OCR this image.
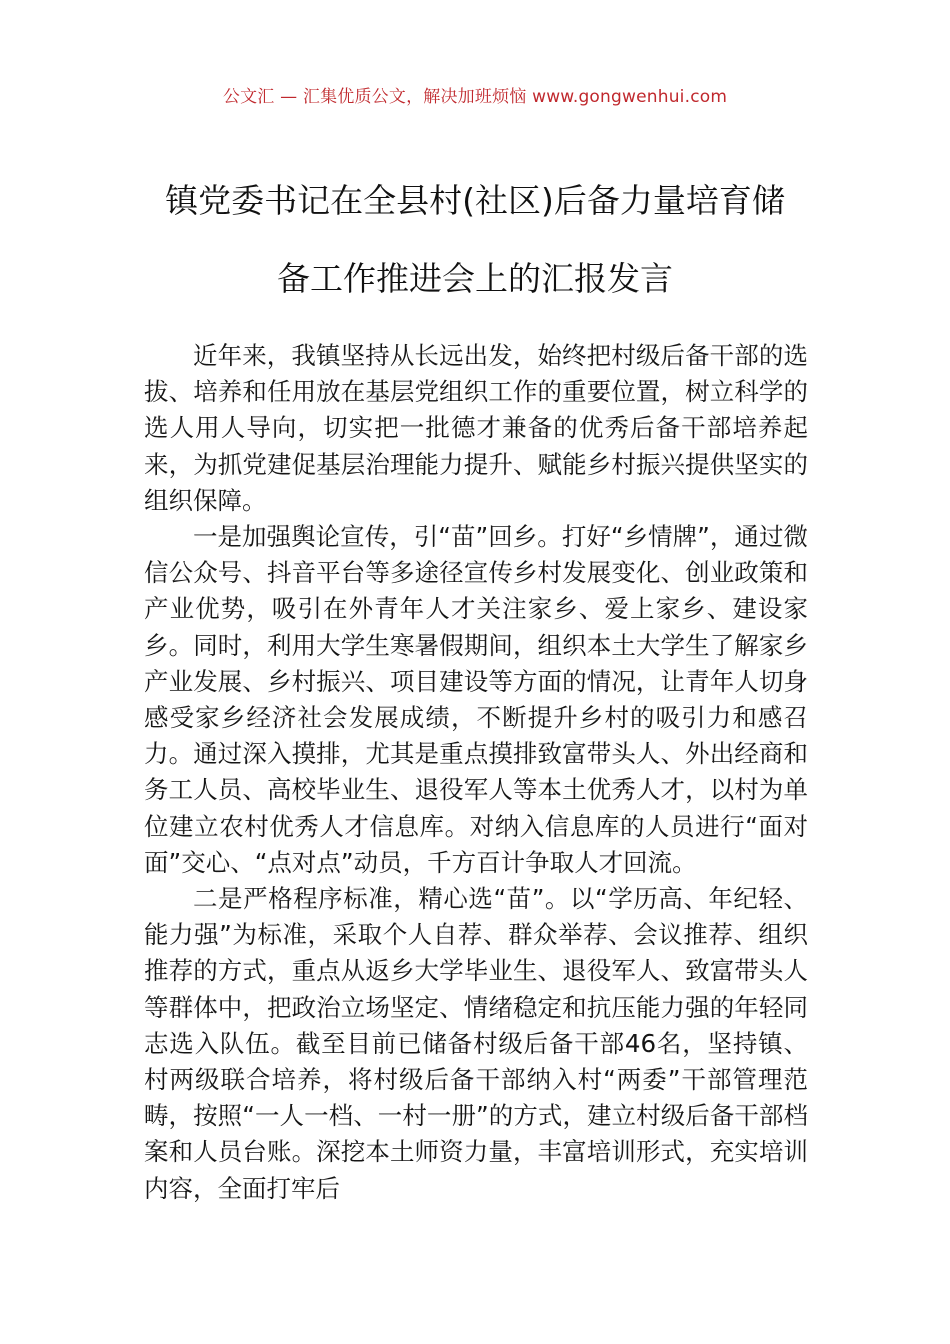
公文汇 — 汇集优质公文，解决加班烦恼 www.gongwenhui.com
镇党委书记在全县村(社区)后备力量培育储
备工作推进会上的汇报发言

近年来，我镇坚持从长远出发，始终把村级后备干部的选拔、培养和任用放在基层党组织工作的重要位置，树立科学的选人用人导向，切实把一批德才兼备的优秀后备干部培养起来，为抓党建促基层治理能力提升、赋能乡村振兴提供坚实的组织保障。

一是加强舆论宣传，引“苗”回乡。打好“乡情牌”，通过微信公众号、抖音平台等多途径宣传乡村发展变化、创业政策和产业优势，吸引在外青年人才关注家乡、爱上家乡、建设家乡。同时，利用大学生寒暑假期间，组织本土大学生了解家乡产业发展、乡村振兴、项目建设等方面的情况，让青年人切身感受家乡经济社会发展成绩，不断提升乡村的吸引力和感召力。通过深入摸排，尤其是重点摸排致富带头人、外出经商和务工人员、高校毕业生、退役军人等本土优秀人才，以村为单位建立农村优秀人才信息库。对纳入信息库的人员进行“面对面”交心、“点对点”动员，千方百计争取人才回流。

二是严格程序标准，精心选“苗”。以“学历高、年纪轻、能力强”为标准，采取个人自荐、群众举荐、会议推荐、组织推荐的方式，重点从返乡大学毕业生、退役军人、致富带头人等群体中，把政治立场坚定、情绪稳定和抗压能力强的年轻同志选入队伍。截至目前已储备村级后备干部46名，坚持镇、村两级联合培养，将村级后备干部纳入村“两委”干部管理范畴，按照“一人一档、一村一册”的方式，建立村级后备干部档案和人员台账。深挖本土师资力量，丰富培训形式，充实培训内容，全面打牢后
